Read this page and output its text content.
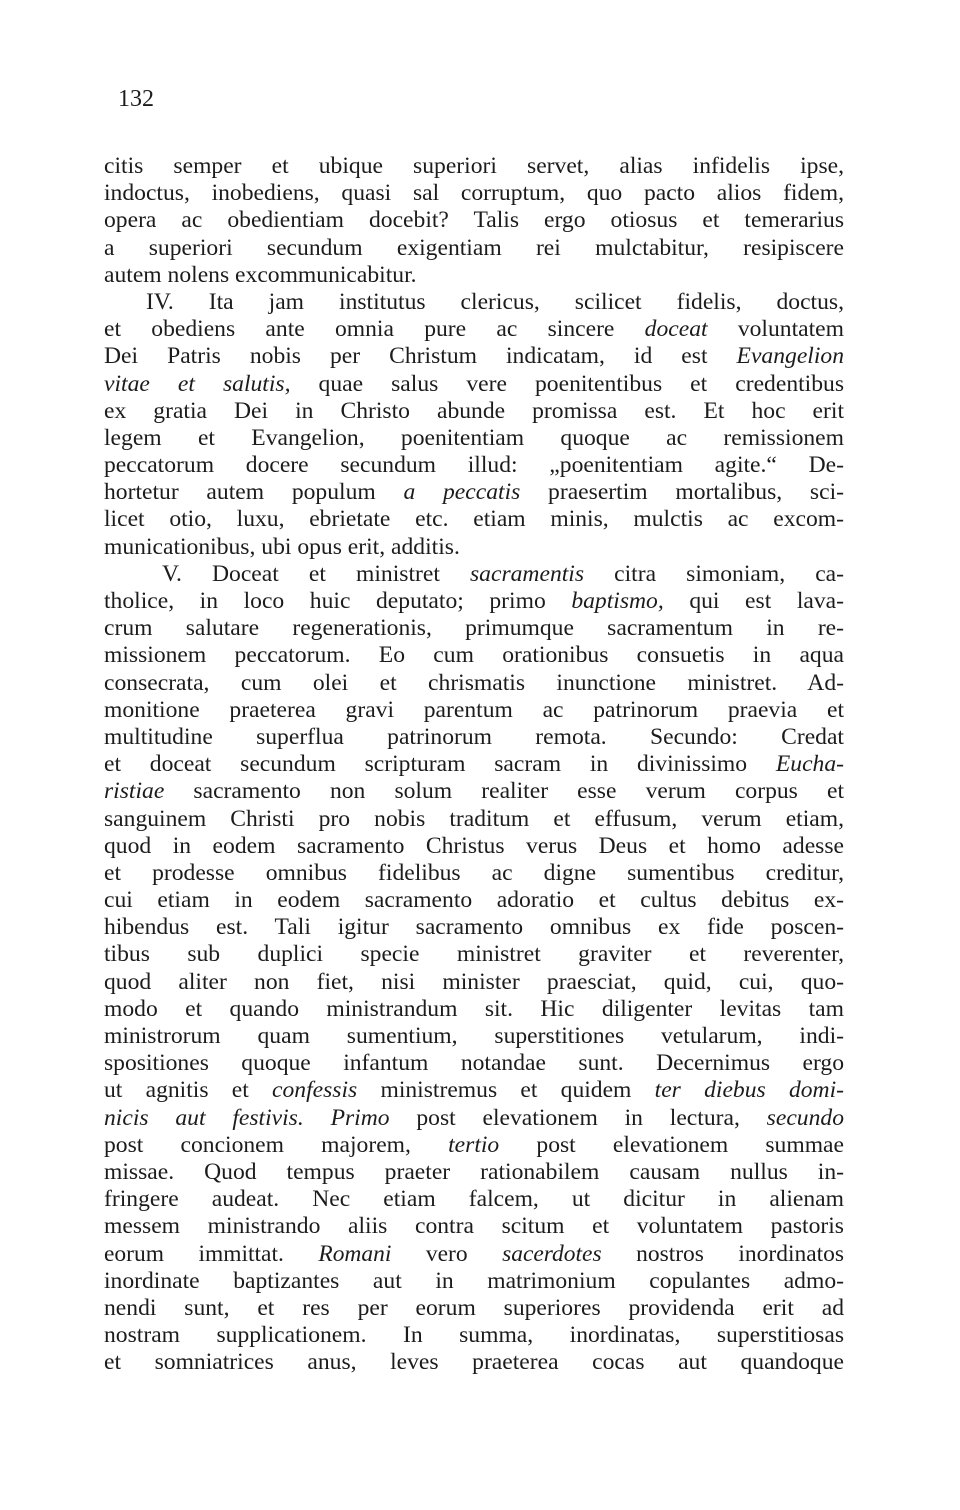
132
citis semper et ubique superiori servet, alias infidelis ipse,
indoctus, inobediens, quasi sal corruptum, quo pacto alios fidem,
opera ac obedientiam docebit? Talis ergo otiosus et temerarius
a superiori secundum exigentiam rei mulctabitur, resipiscere
autem nolens excommunicabitur.
IV. Ita jam institutus clericus, scilicet fidelis, doctus,
et obediens ante omnia pure ac sincere doceat voluntatem
Dei Patris nobis per Christum indicatam, id est Evangelion
vitae et salutis, quae salus vere poenitentibus et credentibus
ex gratia Dei in Christo abunde promissa est. Et hoc erit
legem et Evangelion, poenitentiam quoque ac remissionem
peccatorum docere secundum illud: „poenitentiam agite.“ De-
hortetur autem populum a peccatis praesertim mortalibus, sci-
licet otio, luxu, ebrietate etc. etiam minis, mulctis ac excom-
municationibus, ubi opus erit, additis.
V. Doceat et ministret sacramentis citra simoniam, ca-
tholice, in loco huic deputato; primo baptismo, qui est lava-
crum salutare regenerationis, primumque sacramentum in re-
missionem peccatorum. Eo cum orationibus consuetis in aqua
consecrata, cum olei et chrismatis inunctione ministret. Ad-
monitione praeterea gravi parentum ac patrinorum praevia et
multitudine superflua patrinorum remota. Secundo: Credat
et doceat secundum scripturam sacram in divinissimo Eucha-
ristiae sacramento non solum realiter esse verum corpus et
sanguinem Christi pro nobis traditum et effusum, verum etiam,
quod in eodem sacramento Christus verus Deus et homo adesse
et prodesse omnibus fidelibus ac digne sumentibus creditur,
cui etiam in eodem sacramento adoratio et cultus debitus ex-
hibendus est. Tali igitur sacramento omnibus ex fide poscen-
tibus sub duplici specie ministret graviter et reverenter,
quod aliter non fiet, nisi minister praesciat, quid, cui, quo-
modo et quando ministrandum sit. Hic diligenter levitas tam
ministrorum quam sumentium, superstitiones vetularum, indi-
spositiones quoque infantum notandae sunt. Decernimus ergo
ut agnitis et confessis ministremus et quidem ter diebus domi-
nicis aut festivis. Primo post elevationem in lectura, secundo
post concionem majorem, tertio post elevationem summae
missae. Quod tempus praeter rationabilem causam nullus in-
fringere audeat. Nec etiam falcem, ut dicitur in alienam
messem ministrando aliis contra scitum et voluntatem pastoris
eorum immittat. Romani vero sacerdotes nostros inordinatos
inordinate baptizantes aut in matrimonium copulantes admo-
nendi sunt, et res per eorum superiores providenda erit ad
nostram supplicationem. In summa, inordinatas, superstitiosas
et somniatrices anus, leves praeterea cocas aut quandoque
